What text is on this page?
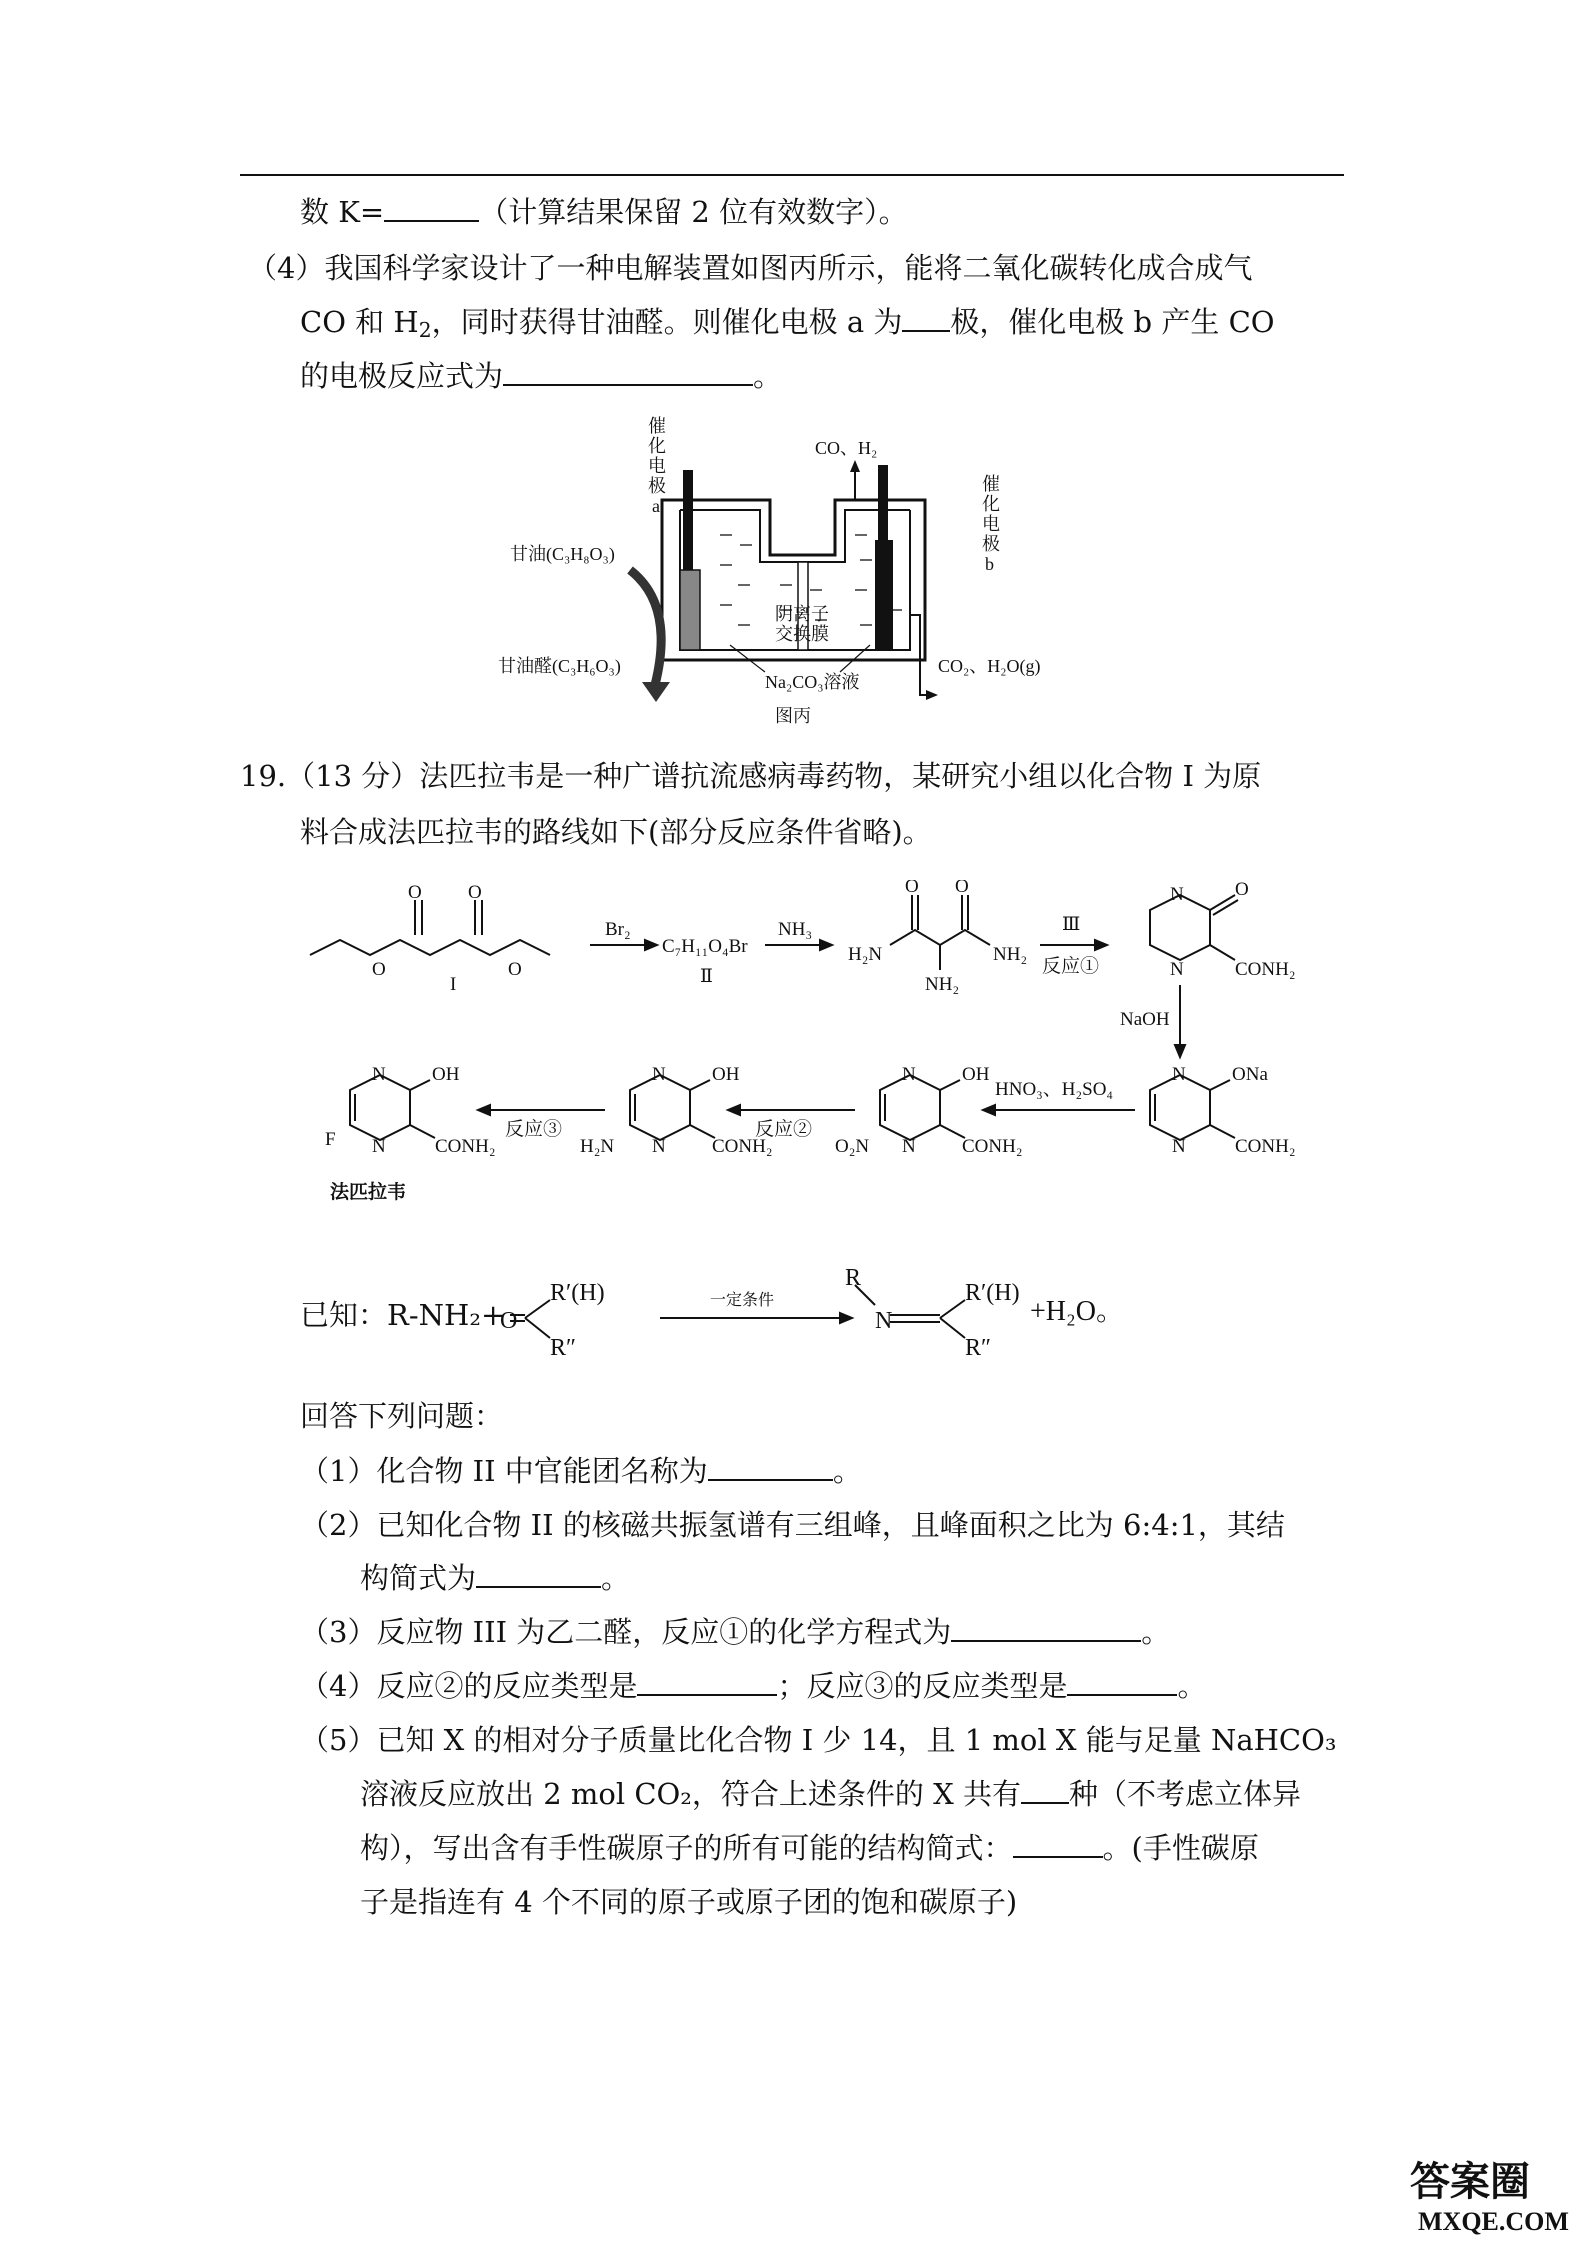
数 K=	（计算结果保留 2 位有效数字）。
（4）我国科学家设计了一种电解装置如图丙所示，能将二氧化碳转化成合成气
CO 和 $H_2$，同时获得甘油醛。则催化电极 a 为 极，催化电极 b 产生 CO
的电极反应式为	。
催
化
电
极
a
催
化
电
极
b
甘油(C₃H₈O₃)
甘油醛(C₃H₆O₃)
CO、H₂
CO₂、H₂O(g)
阴离子
交换膜
Na₂CO₃溶液
图丙
19.（13 分）法匹拉韦是一种广谱抗流感病毒药物，某研究小组以化合物 I 为原
料合成法匹拉韦的路线如下(部分反应条件省略)。
I
O O
O	O
Br₂
C₇H₁₁O₄Br
Ⅱ
NH₃
H₂N
O O
NH₂
NH₂
Ⅲ
反应①
N
N
O
CONH₂
NaOH
N
N
ONa
CONH₂
HNO₃、H₂SO₄
N
N
OH
CONH₂
O₂N
反应②
N
N
OH
CONH₂
H₂N
反应③
N
N
OH
CONH₂
F
法匹拉韦
已知：R-NH₂+
R′(H)
R″
O
一定条件
R
N
R′(H)
R″
+H₂O。
回答下列问题：
（1）化合物 II 中官能团名称为	。
（2）已知化合物 II 的核磁共振氢谱有三组峰，且峰面积之比为 6:4:1，其结
构简式为	。
（3）反应物 III 为乙二醛，反应①的化学方程式为	。
（4）反应②的反应类型是	；反应③的反应类型是	。
（5）已知 X 的相对分子质量比化合物 I 少 14，且 1 mol X 能与足量 NaHCO₃
溶液反应放出 2 mol CO₂，符合上述条件的 X 共有 种（不考虑立体异
构），写出含有手性碳原子的所有可能的结构简式：	。(手性碳原
子是指连有 4 个不同的原子或原子团的饱和碳原子)
答案圈
MXQE.COM
